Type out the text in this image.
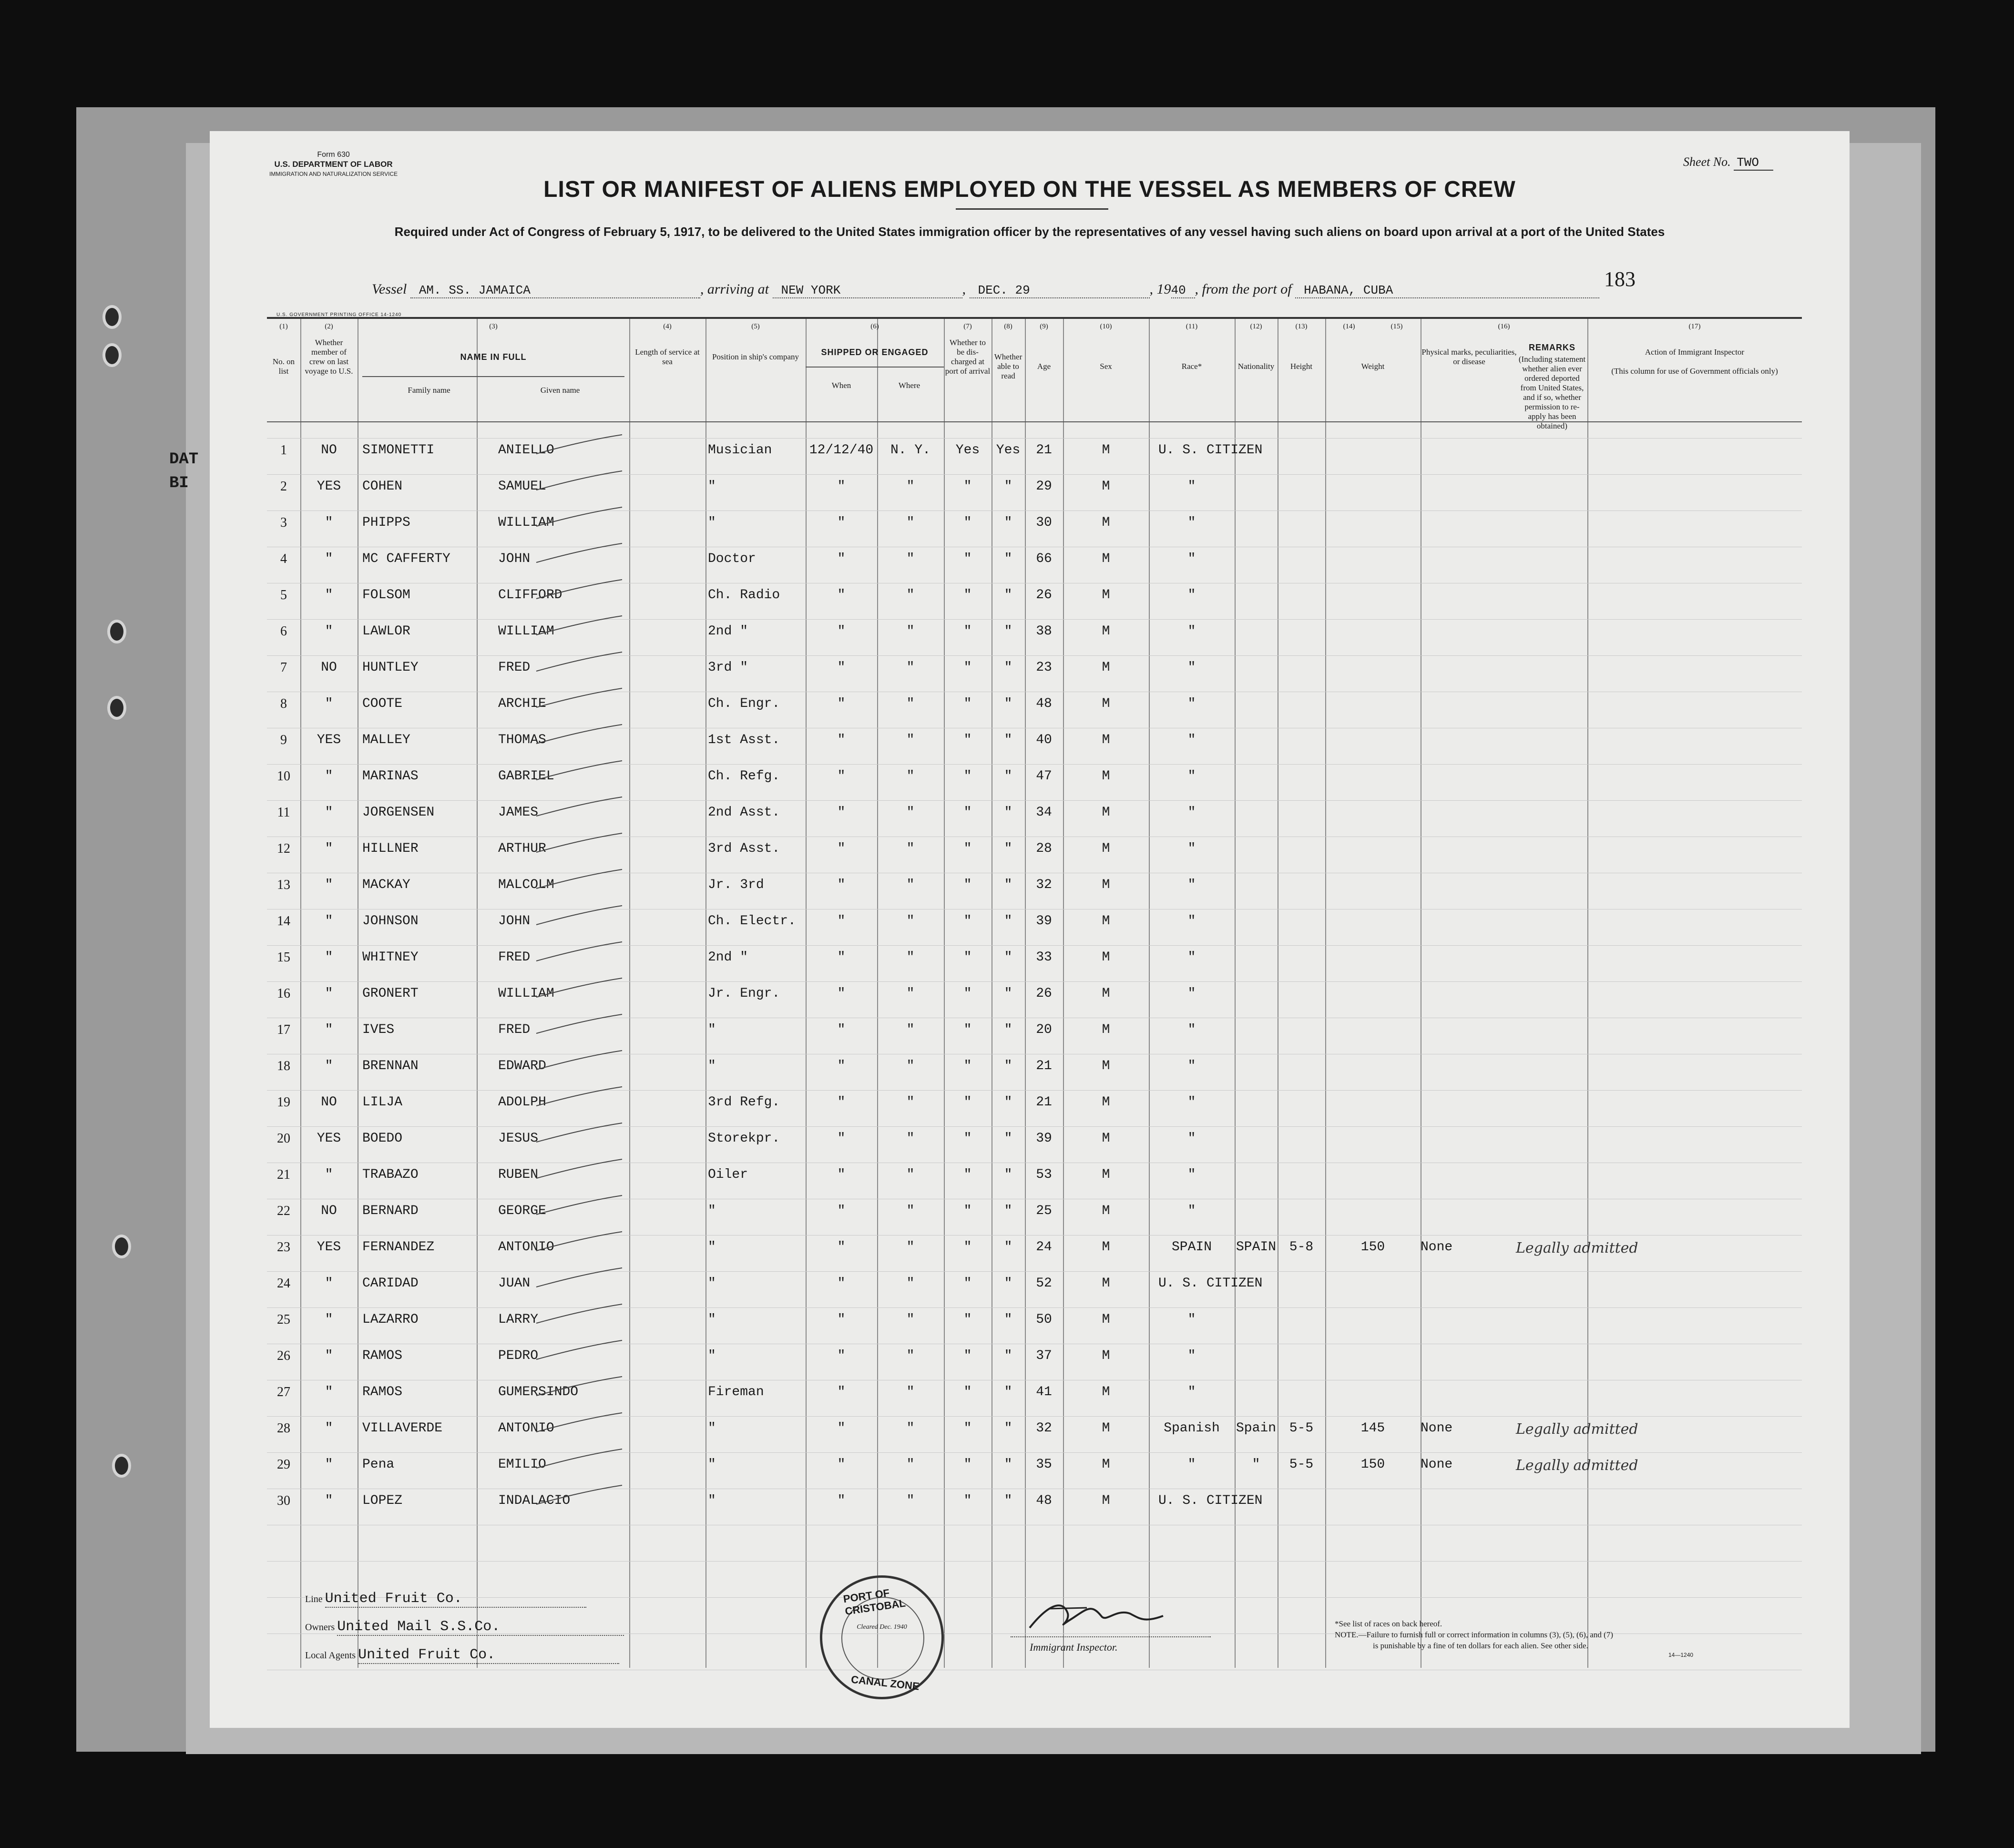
DAT
BI
Form 630
U.S. DEPARTMENT OF LABOR
IMMIGRATION AND NATURALIZATION SERVICE
Sheet No. TWO
LIST OR MANIFEST OF ALIENS EMPLOYED ON THE VESSEL AS MEMBERS OF CREW
Required under Act of Congress of February 5, 1917, to be delivered to the United States immigration officer by the representatives of any vessel having such aliens on board upon arrival at a port of the United States
183
Vessel AM. SS. JAMAICA	, arriving at NEW YORK	, DEC. 29	, 1940 , from the port of HABANA, CUBA
U.S. GOVERNMENT PRINTING OFFICE 14-1240
(1)	(2)	(3)	(4)	(5)	(6)	(7)	(8)	(9)	(10)	(11)	(12)	(13)	(14)	(15)	(16)	(17)
No. on list
Whether member of crew on last voyage to U.S.
NAME IN FULL
Family name	Given name
Length of service at sea
Position in ship's company	SHIPPED OR ENGAGED
When	Where
Whether to be dis-charged at port of arrival
Whether able to read
Age	Sex	Race*	Nationality	Height	Weight
Physical marks, peculiarities, or disease
REMARKS
(Including statement whether alien ever ordered deported from United States, and if so, whether permission to re-apply has been obtained)
Action of Immigrant Inspector
(This column for use of Government officials only)
1	NO	SIMONETTI	ANIELLO	Musician	12/12/40	N. Y.	Yes	Yes	21	M	U. S. CITIZEN
2	YES	COHEN	SAMUEL	"	"	"	"	"	29	M	"
3	"	PHIPPS	WILLIAM	"	"	"	"	"	30	M	"
4	"	MC CAFFERTY	JOHN	Doctor	"	"	"	"	66	M	"
5	"	FOLSOM	CLIFFORD	Ch. Radio	"	"	"	"	26	M	"
6	"	LAWLOR	WILLIAM	2nd "	"	"	"	"	38	M	"
7	NO	HUNTLEY	FRED	3rd "	"	"	"	"	23	M	"
8	"	COOTE	ARCHIE	Ch. Engr.	"	"	"	"	48	M	"
9	YES	MALLEY	THOMAS	1st Asst.	"	"	"	"	40	M	"
10	"	MARINAS	GABRIEL	Ch. Refg.	"	"	"	"	47	M	"
11	"	JORGENSEN	JAMES	2nd Asst.	"	"	"	"	34	M	"
12	"	HILLNER	ARTHUR	3rd Asst.	"	"	"	"	28	M	"
13	"	MACKAY	MALCOLM	Jr. 3rd	"	"	"	"	32	M	"
14	"	JOHNSON	JOHN	Ch. Electr.	"	"	"	"	39	M	"
15	"	WHITNEY	FRED	2nd "	"	"	"	"	33	M	"
16	"	GRONERT	WILLIAM	Jr. Engr.	"	"	"	"	26	M	"
17	"	IVES	FRED	"	"	"	"	"	20	M	"
18	"	BRENNAN	EDWARD	"	"	"	"	"	21	M	"
19	NO	LILJA	ADOLPH	3rd Refg.	"	"	"	"	21	M	"
20	YES	BOEDO	JESUS	Storekpr.	"	"	"	"	39	M	"
21	"	TRABAZO	RUBEN	Oiler	"	"	"	"	53	M	"
22	NO	BERNARD	GEORGE	"	"	"	"	"	25	M	"
23	YES	FERNANDEZ	ANTONIO	"	"	"	"	"	24	M	SPAIN	SPAIN 5-8	150	None	Legally admitted
24	"	CARIDAD	JUAN	"	"	"	"	"	52	M	U. S. CITIZEN
25	"	LAZARRO	LARRY	"	"	"	"	"	50	M	"
26	"	RAMOS	PEDRO	"	"	"	"	"	37	M	"
27	"	RAMOS	GUMERSINDO	Fireman	"	"	"	"	41	M	"
28	"	VILLAVERDE	ANTONIO	"	"	"	"	"	32	M	Spanish	Spain 5-5	145	None	Legally admitted
29	"	Pena	EMILIO	"	"	"	"	"	35	M	"	"	5-5	150	None	Legally admitted
30	"	LOPEZ	INDALACIO	"	"	"	"	"	48	M	U. S. CITIZEN
Line United Fruit Co.
Owners United Mail S.S.Co.
Local Agents United Fruit Co.
PORT OF CRISTOBAL
Cleared Dec. 1940
CANAL ZONE
Immigrant Inspector.
*See list of races on back hereof.
NOTE.—Failure to furnish full or correct information in columns (3), (5), (6), and (7)
is punishable by a fine of ten dollars for each alien. See other side.
14—1240
